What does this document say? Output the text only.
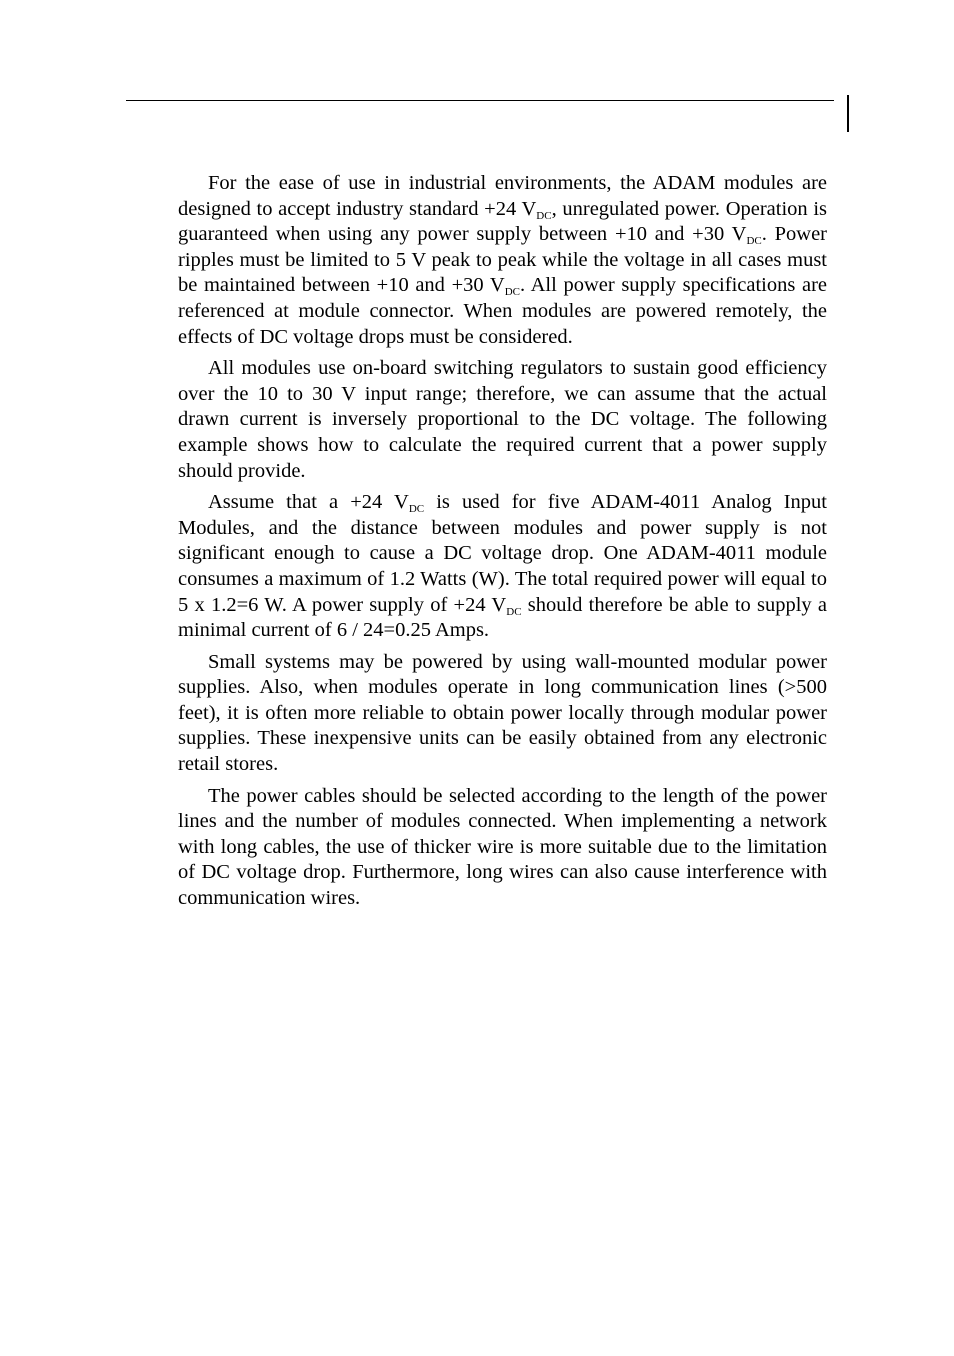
For the ease of use in industrial environments, the ADAM modules are designed to accept industry standard +24 $V_{DC}$, unregulated power. Operation is guaranteed when using any power supply between +10 and +30 $V_{DC}$. Power ripples must be limited to 5 V peak to peak while the voltage in all cases must be maintained between +10 and +30 $V_{DC}$. All power supply specifications are referenced at module connector. When modules are powered remotely, the effects of DC voltage drops must be considered.

All modules use on-board switching regulators to sustain good efficiency over the 10 to 30 V input range; therefore, we can assume that the actual drawn current is inversely proportional to the DC voltage. The following example shows how to calculate the required current that a power supply should provide.

Assume that a +24 $V_{DC}$ is used for five ADAM-4011 Analog Input Modules, and the distance between modules and power supply is not significant enough to cause a DC voltage drop. One ADAM-4011 module consumes a maximum of 1.2 Watts (W). The total required power will equal to 5 x 1.2=6 W. A power supply of +24 $V_{DC}$ should therefore be able to supply a minimal current of 6 / 24=0.25 Amps.

Small systems may be powered by using wall-mounted modular power supplies. Also, when modules operate in long communication lines (>500 feet), it is often more reliable to obtain power locally through modular power supplies. These inexpensive units can be easily obtained from any electronic retail stores.

The power cables should be selected according to the length of the power lines and the number of modules connected. When implementing a network with long cables, the use of thicker wire is more suitable due to the limitation of DC voltage drop. Furthermore, long wires can also cause interference with communication wires.
